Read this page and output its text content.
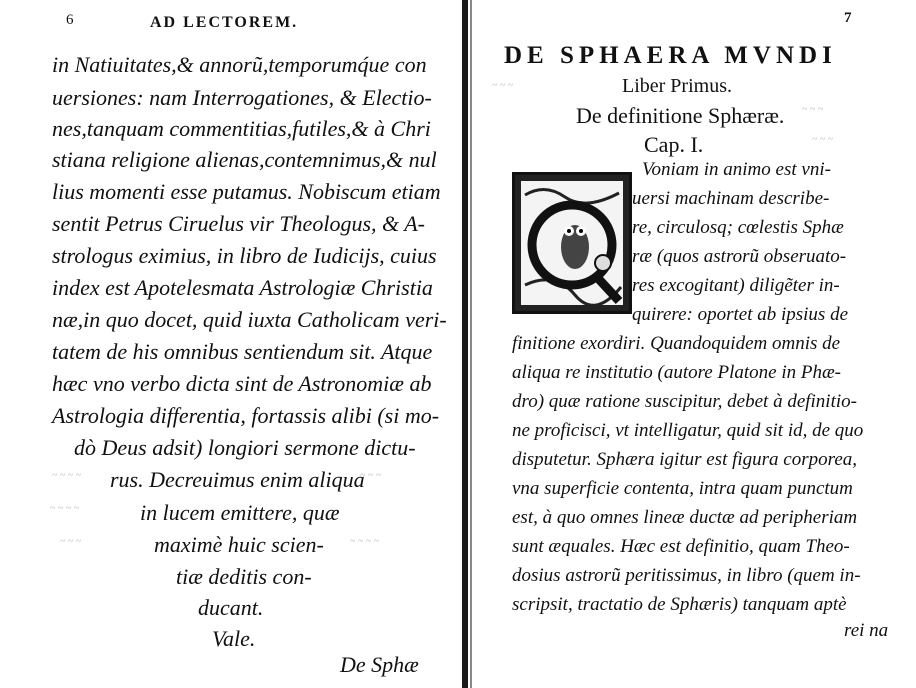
6	AD LECTOREM.
in Natiuitates,& annorũ,temporumq́ue con
uersiones: nam Interrogationes, & Electio-
nes,tanquam commentitias,futiles,& à Chri
stiana religione alienas,contemnimus,& nul
lius momenti esse putamus. Nobiscum etiam
sentit Petrus Ciruelus vir Theologus, & A-
strologus eximius, in libro de Iudicijs, cuius
index est Apotelesmata Astrologiæ Christia
næ,in quo docet, quid iuxta Catholicam veri-
tatem de his omnibus sentiendum sit. Atque
hæc vno verbo dicta sint de Astronomiæ ab
Astrologia differentia, fortassis alibi (si mo-
dò Deus adsit) longiori sermone dictu-
rus. Decreuimus enim aliqua
in lucem emittere, quæ
maximè huic scien-
tiæ deditis con-
ducant.
Vale.
De Sphæ
~ ~ ~ ~
~ ~ ~ ~
~ ~ ~
~ ~ ~
~ ~ ~ ~
7
DE SPHAERA MVNDI
Liber Primus.
De definitione Sphæræ.
Cap. I.
Voniam in animo est vni-
uersi machinam describe-
re, circulosq; cœlestis Sphæ
ræ (quos astrorũ obseruato-
res excogitant) diligẽter in-
quirere: oportet ab ipsius de
finitione exordiri. Quandoquidem omnis de
aliqua re institutio (autore Platone in Phæ-
dro) quæ ratione suscipitur, debet à definitio-
ne proficisci, vt intelligatur, quid sit id, de quo
disputetur. Sphæra igitur est figura corporea,
vna superficie contenta, intra quam punctum
est, à quo omnes lineæ ductæ ad peripheriam
sunt æquales. Hæc est definitio, quam Theo-
dosius astrorũ peritissimus, in libro (quem in-
scripsit, tractatio de Sphæris) tanquam aptè
rei na
~ ~ ~
~ ~ ~
~ ~ ~
